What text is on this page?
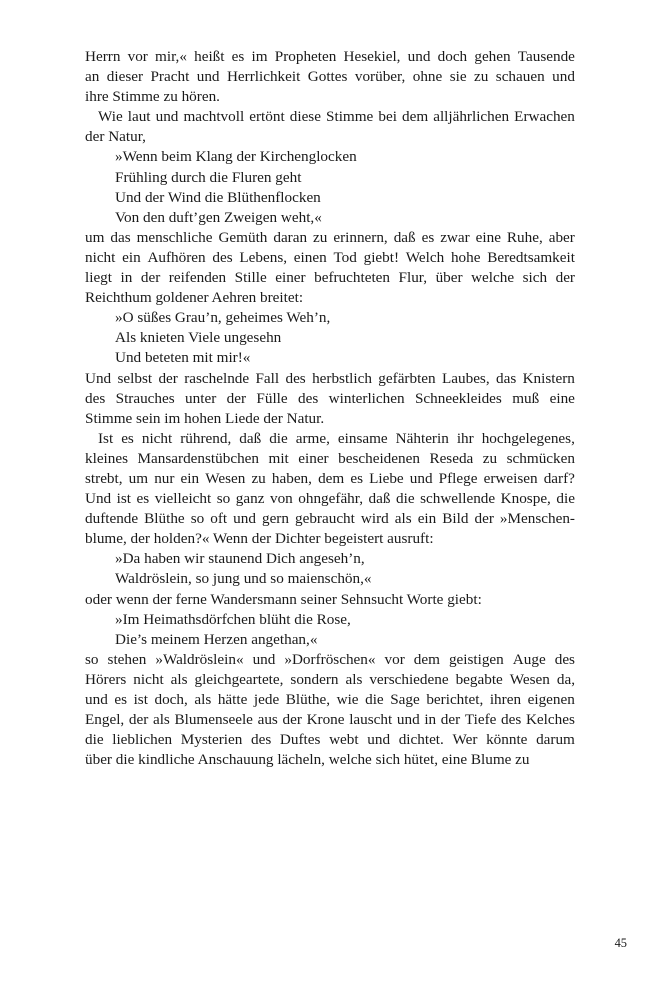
Herrn vor mir,« heißt es im Propheten Hesekiel, und doch gehen Tausende
an dieser Pracht und Herrlichkeit Gottes vorüber, ohne sie zu schauen und
ihre Stimme zu hören.
Wie laut und machtvoll ertönt diese Stimme bei dem alljährlichen Erwachen
der Natur,
»Wenn beim Klang der Kirchenglocken
Frühling durch die Fluren geht
Und der Wind die Blüthenflocken
Von den duft’gen Zweigen weht,«
um das menschliche Gemüth daran zu erinnern, daß es zwar eine Ruhe, aber
nicht ein Aufhören des Lebens, einen Tod giebt! Welch hohe Beredtsamkeit
liegt in der reifenden Stille einer befruchteten Flur, über welche sich der
Reichthum goldener Aehren breitet:
»O süßes Grau’n, geheimes Weh’n,
Als knieten Viele ungesehn
Und beteten mit mir!«
Und selbst der raschelnde Fall des herbstlich gefärbten Laubes, das Knistern
des Strauches unter der Fülle des winterlichen Schneekleides muß eine
Stimme sein im hohen Liede der Natur.
Ist es nicht rührend, daß die arme, einsame Nähterin ihr hochgelegenes,
kleines Mansardenstübchen mit einer bescheidenen Reseda zu schmücken
strebt, um nur ein Wesen zu haben, dem es Liebe und Pflege erweisen darf?
Und ist es vielleicht so ganz von ohngefähr, daß die schwellende Knospe, die
duftende Blüthe so oft und gern gebraucht wird als ein Bild der »Menschen-
blume, der holden?« Wenn der Dichter begeistert ausruft:
»Da haben wir staunend Dich angeseh’n,
Waldröslein, so jung und so maienschön,«
oder wenn der ferne Wandersmann seiner Sehnsucht Worte giebt:
»Im Heimathsdörfchen blüht die Rose,
Die’s meinem Herzen angethan,«
so stehen »Waldröslein« und »Dorfröschen« vor dem geistigen Auge des
Hörers nicht als gleichgeartete, sondern als verschiedene begabte Wesen da,
und es ist doch, als hätte jede Blüthe, wie die Sage berichtet, ihren eigenen
Engel, der als Blumenseele aus der Krone lauscht und in der Tiefe des Kelches
die lieblichen Mysterien des Duftes webt und dichtet. Wer könnte darum
über die kindliche Anschauung lächeln, welche sich hütet, eine Blume zu
45
